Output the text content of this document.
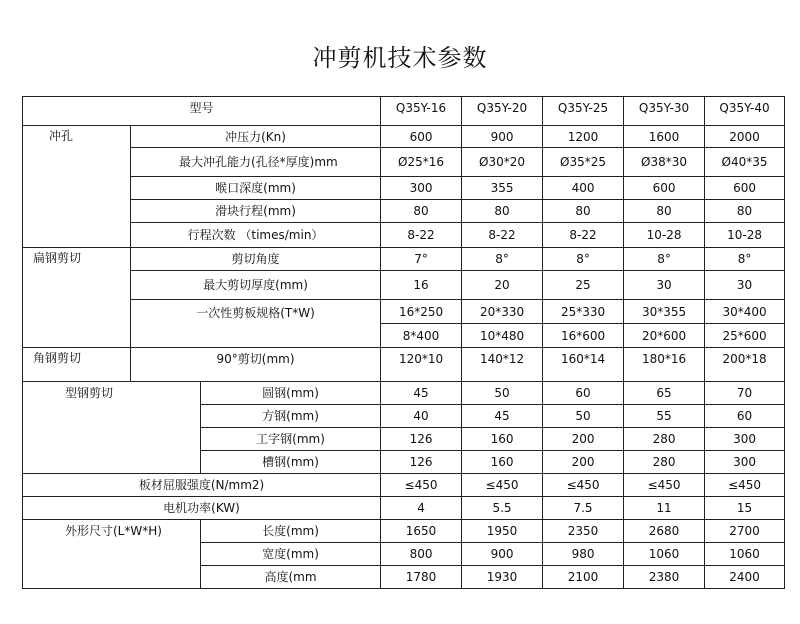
冲剪机技术参数
型号			Q35Y-16	Q35Y-20	Q35Y-25	Q35Y-30	Q35Y-40
冲孔	冲压力(Kn)		600	900	1200	1600	2000
	最大冲孔能力(孔径*厚度)mm		Ø25*16	Ø30*20	Ø35*25	Ø38*30	Ø40*35
	喉口深度(mm)		300	355	400	600	600
	滑块行程(mm)		80	80	80	80	80
	行程次数 （times/min）		8-22	8-22	8-22	10-28	10-28
扁钢剪切	剪切角度		7°	8°	8°	8°	8°
	最大剪切厚度(mm)		16	20	25	30	30
	一次性剪板规格(T*W)		16*250	20*330	25*330	30*355	30*400
			8*400	10*480	16*600	20*600	25*600
角钢剪切	90°剪切(mm)		120*10	140*12	160*14	180*16	200*18
型钢剪切		圆钢(mm)	45	50	60	65	70
		方钢(mm)	40	45	50	55	60
		工字钢(mm)	126	160	200	280	300
		槽钢(mm)	126	160	200	280	300
板材屈服强度(N/mm2)			≤450	≤450	≤450	≤450	≤450
电机功率(KW)			4	5.5	7.5	11	15
外形尺寸(L*W*H)		长度(mm)	1650	1950	2350	2680	2700
		宽度(mm)	800	900	980	1060	1060
		高度(mm	1780	1930	2100	2380	2400
